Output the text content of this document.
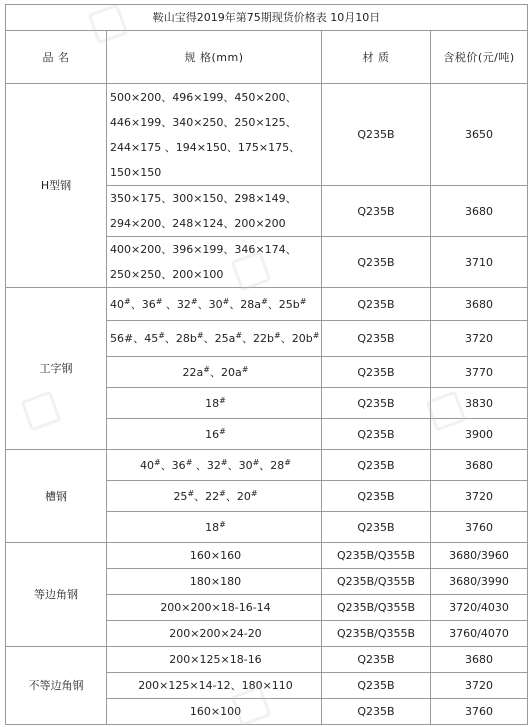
鞍山宝得2019年第75期现货价格表 10月10日			
品 名	规 格(mm)	材 质	含税价(元/吨)
H型钢	500×200、496×199、450×200、446×199、340×250、250×125、244×175 、194×150、175×175、150×150	Q235B	3650
	350×175、300×150、298×149、294×200、248×124、200×200	Q235B	3680
	400×200、396×199、346×174、250×250、200×100	Q235B	3710
工字钢	40#、36# 、32#、30#、28a#、25b#	Q235B	3680
	56#、45#、28b#、25a#、22b#、20b#	Q235B	3720
	22a#、20a#	Q235B	3770
	18#	Q235B	3830
	16#	Q235B	3900
槽钢	40#、36# 、32#、30#、28#	Q235B	3680
	25#、22#、20#	Q235B	3720
	18#	Q235B	3760
等边角钢	160×160	Q235B/Q355B	3680/3960
	180×180	Q235B/Q355B	3680/3990
	200×200×18-16-14	Q235B/Q355B	3720/4030
	200×200×24-20	Q235B/Q355B	3760/4070
不等边角钢	200×125×18-16	Q235B	3680
	200×125×14-12、180×110	Q235B	3720
	160×100	Q235B	3760
